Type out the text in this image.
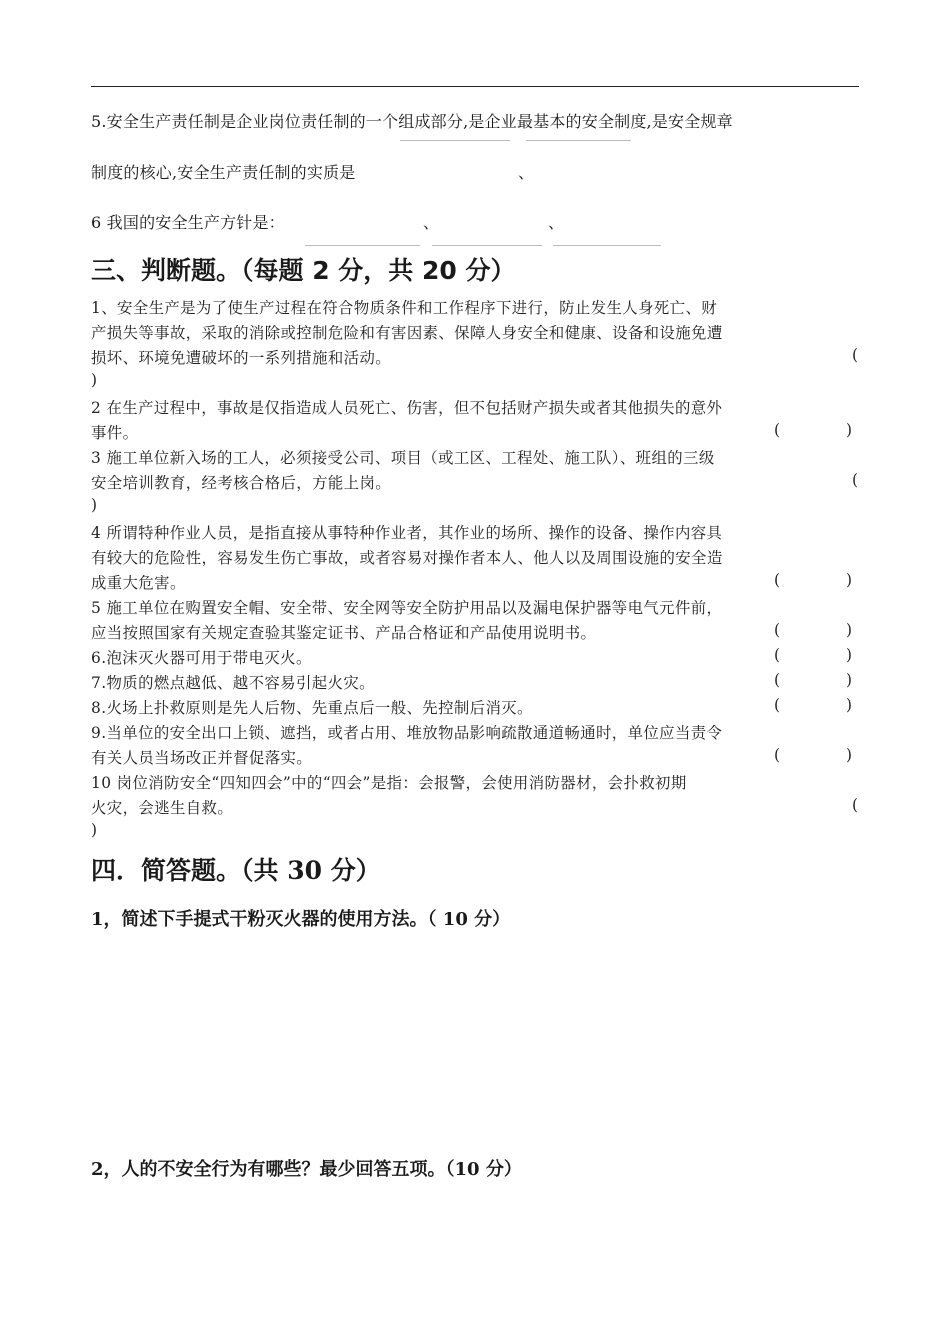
5.安全生产责任制是企业岗位责任制的一个组成部分,是企业最基本的安全制度,是安全规章
制度的核心,安全生产责任制的实质是	、
6 我国的安全生产方针是：	、	、
三、判断题。（每题 2 分，共 20 分）
1、安全生产是为了使生产过程在符合物质条件和工作程序下进行，防止发生人身死亡、财
产损失等事故，采取的消除或控制危险和有害因素、保障人身安全和健康、设备和设施免遭
损坏、环境免遭破坏的一系列措施和活动。	(
)
2 在生产过程中，事故是仅指造成人员死亡、伤害，但不包括财产损失或者其他损失的意外
事件。	(	)
3 施工单位新入场的工人，必须接受公司、项目（或工区、工程处、施工队）、班组的三级
安全培训教育，经考核合格后，方能上岗。	(
)
4 所谓特种作业人员，是指直接从事特种作业者，其作业的场所、操作的设备、操作内容具
有较大的危险性，容易发生伤亡事故，或者容易对操作者本人、他人以及周围设施的安全造
成重大危害。	(	)
5 施工单位在购置安全帽、安全带、安全网等安全防护用品以及漏电保护器等电气元件前，
应当按照国家有关规定查验其鉴定证书、产品合格证和产品使用说明书。	(	)
6.泡沫灭火器可用于带电灭火。	(	)
7.物质的燃点越低、越不容易引起火灾。	(	)
8.火场上扑救原则是先人后物、先重点后一般、先控制后消灭。	(	)
9.当单位的安全出口上锁、遮挡，或者占用、堆放物品影响疏散通道畅通时，单位应当责令
有关人员当场改正并督促落实。	(	)
10 岗位消防安全“四知四会”中的“四会”是指：会报警，会使用消防器材，会扑救初期
火灾，会逃生自救。	(
)
四．简答题。（共 30 分）
1，简述下手提式干粉灭火器的使用方法。（ 10 分）
2，人的不安全行为有哪些？最少回答五项。（10 分）
